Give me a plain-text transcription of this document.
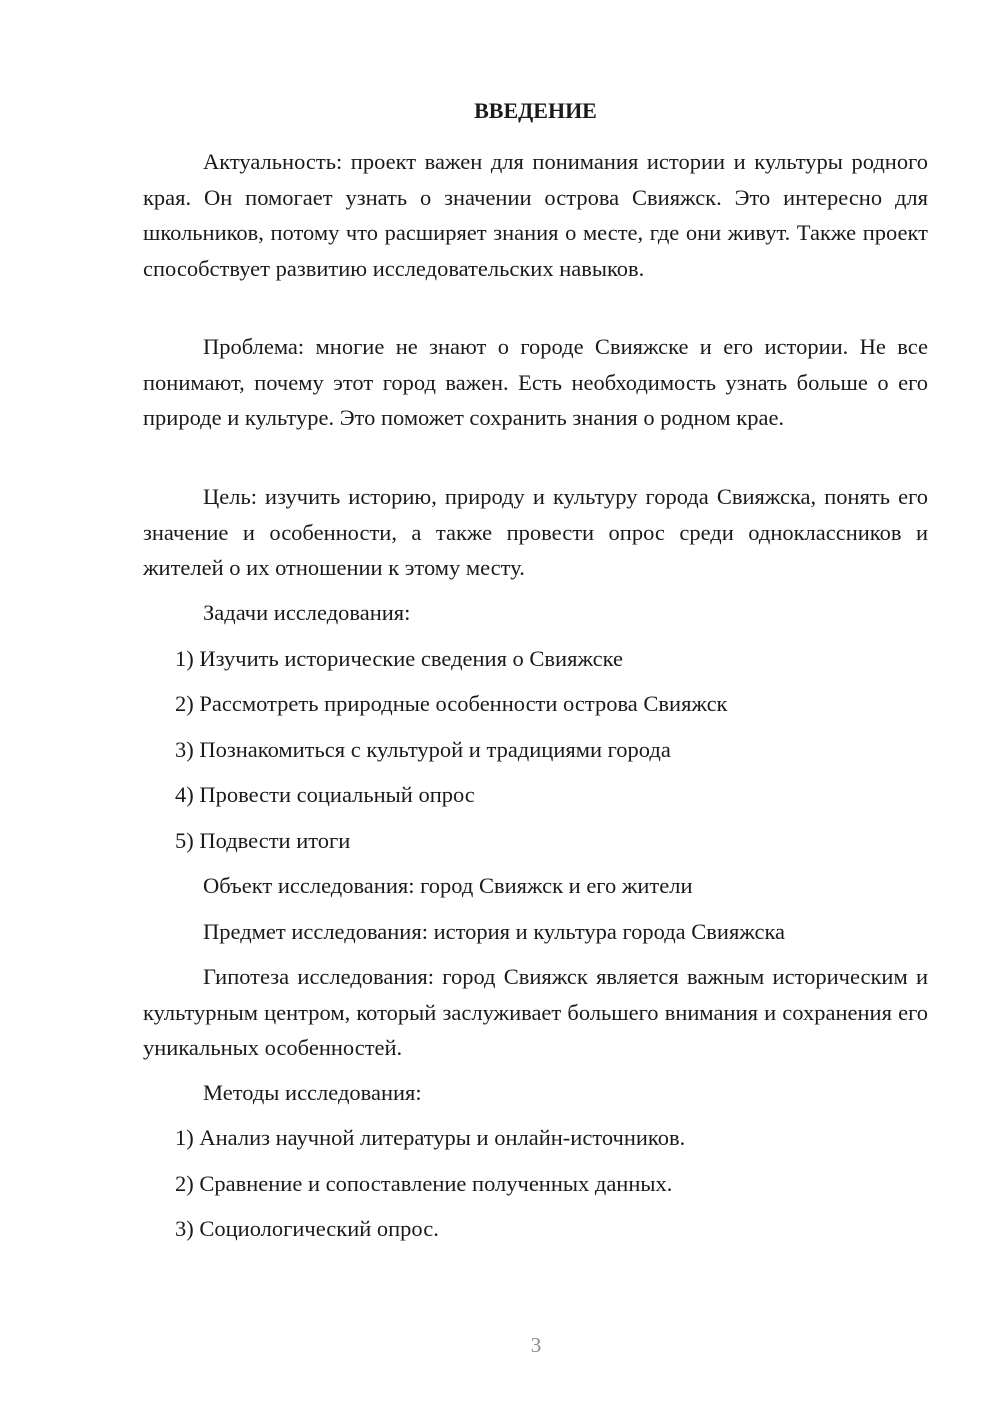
ВВЕДЕНИЕ

Актуальность: проект важен для понимания истории и культуры родного края. Он помогает узнать о значении острова Свияжск. Это интересно для школьников, потому что расширяет знания о месте, где они живут. Также проект способствует развитию исследовательских навыков.

Проблема: многие не знают о городе Свияжске и его истории. Не все понимают, почему этот город важен. Есть необходимость узнать больше о его природе и культуре. Это поможет сохранить знания о родном крае.

Цель: изучить историю, природу и культуру города Свияжска, понять его значение и особенности, а также провести опрос среди одноклассников и жителей о их отношении к этому месту.

Задачи исследования:

1) Изучить исторические сведения о Свияжске

2) Рассмотреть природные особенности острова Свияжск

3) Познакомиться с культурой и традициями города

4) Провести социальный опрос

5) Подвести итоги

Объект исследования: город Свияжск и его жители

Предмет исследования: история и культура города Свияжска

Гипотеза исследования: город Свияжск является важным историческим и культурным центром, который заслуживает большего внимания и сохранения его уникальных особенностей.

Методы исследования:

1) Анализ научной литературы и онлайн-источников.

2) Сравнение и сопоставление полученных данных.

3) Социологический опрос.

3
